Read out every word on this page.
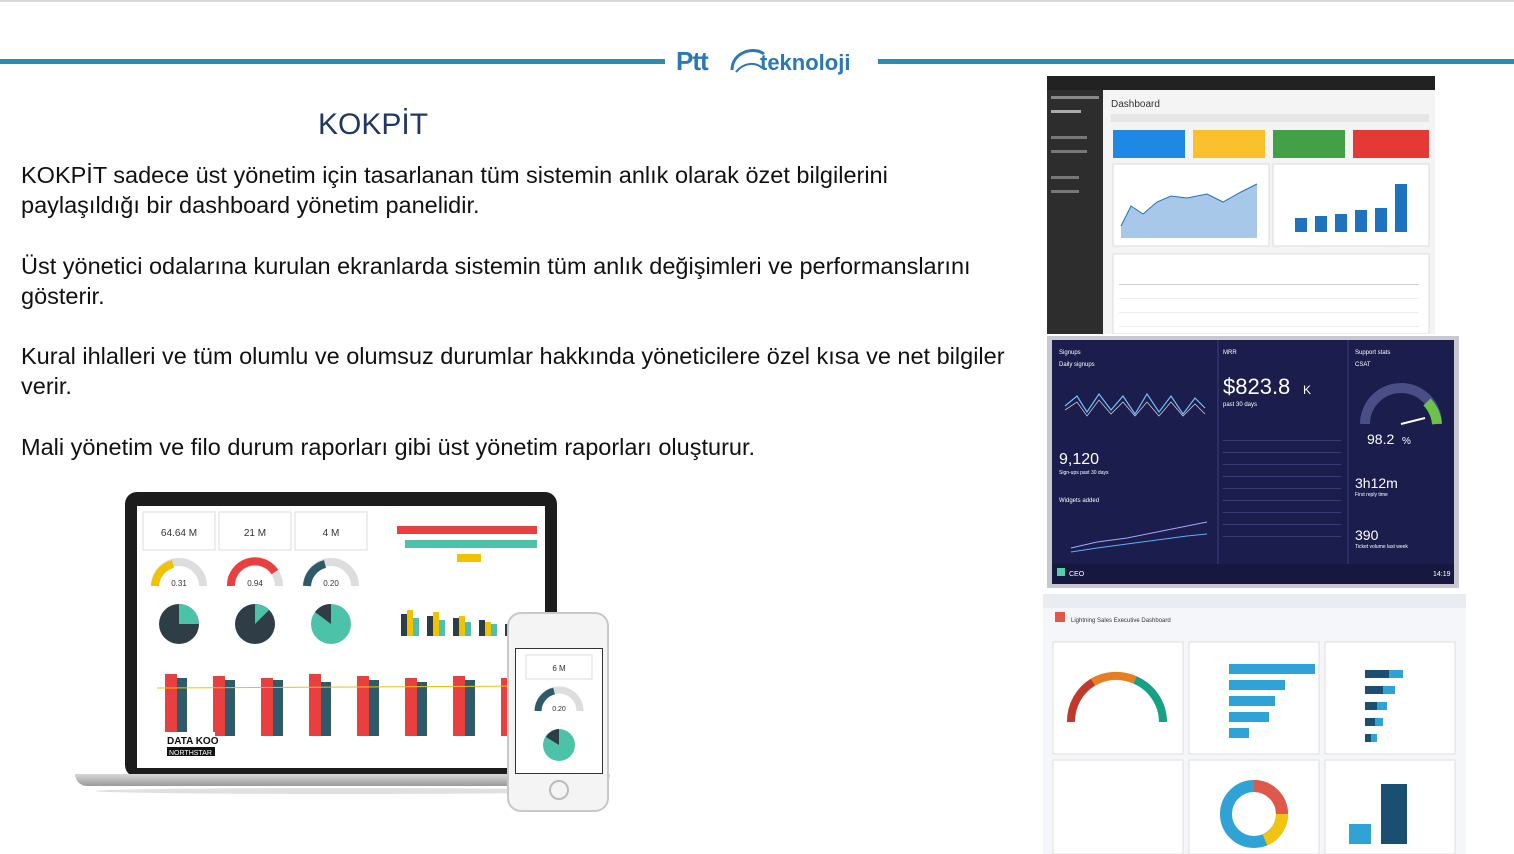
Ptt teknoloji
KOKPİT
KOKPİT sadece üst yönetim için tasarlanan tüm sistemin anlık olarak özet bilgilerini paylaşıldığı bir dashboard yönetim panelidir.
Üst yönetici odalarına kurulan ekranlarda sistemin tüm anlık değişimleri ve performanslarını gösterir.
Kural ihlalleri ve tüm olumlu ve olumsuz durumlar hakkında yöneticilere özel kısa ve net bilgiler verir.
Mali yönetim ve filo durum raporları gibi üst yönetim raporları oluşturur.
64.64 M	21 M	4 M
0.31	0.94	0.20
DATA KOO
NORTHSTAR
6 M
0.20
Dashboard
Signups
Daily signups
9,120
Sign-ups past 30 days
Widgets added
MRR
$823.8 K
past 30 days
Support stats
CSAT
98.2 %
3h12m
First reply time
390
Ticket volume last week
CEO	14:19
Lightning Sales Executive Dashboard
